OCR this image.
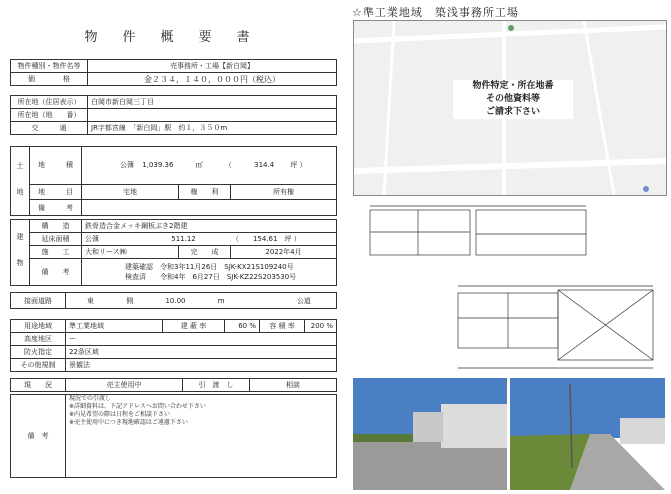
物　件　概　要　書
物件種別・物件名等	売事務所・工場【新白岡】
価　　　　格	金２３４，１４０，０００円（税込）
所在地（住居表示）	白岡市新白岡三丁目
所在地（地　　番）	
交　　　通	JR宇都宮線　「新白岡」駅　約１，３５０m
土　地	地　　　積	公簿 1,039.36 ㎡ （ 314.4 坪 ）		
	地　　　目	宅地	権　　利	所有権
	備　　　考			
建　物	構　　造	鉄骨造合金メッキ鋼板ぶき2階建		
	延床面積	公簿 511.12 （　　154.61　坪 ）		
	施　　工	大和リース㈱	完　　成	2022年4月
	備　　考	建築確認　令和3年11月26日　SJK-KX21S109240号
検査済　　令和4年　6月27日　SJK-KZ22S203530号		
接面道路	東	側	10.00	m	公道
用途地域	準工業地域	建 蔽 率	60 %	容 積 率	200 %
高度地区	ー				
防火指定	22条区域				
その他規制	景観法				
現　　況	売主使用中	引　渡　し	相談
備　考	
現況での引渡し
※詳細資料は、下記アドレスへお問い合わせ下さい
※内見希望の際は日程をご相談下さい
※売主使用中につき現地確認はご遠慮下さい
☆準工業地域　築浅事務所工場
物件特定・所在地番
その他資料等
ご請求下さい
